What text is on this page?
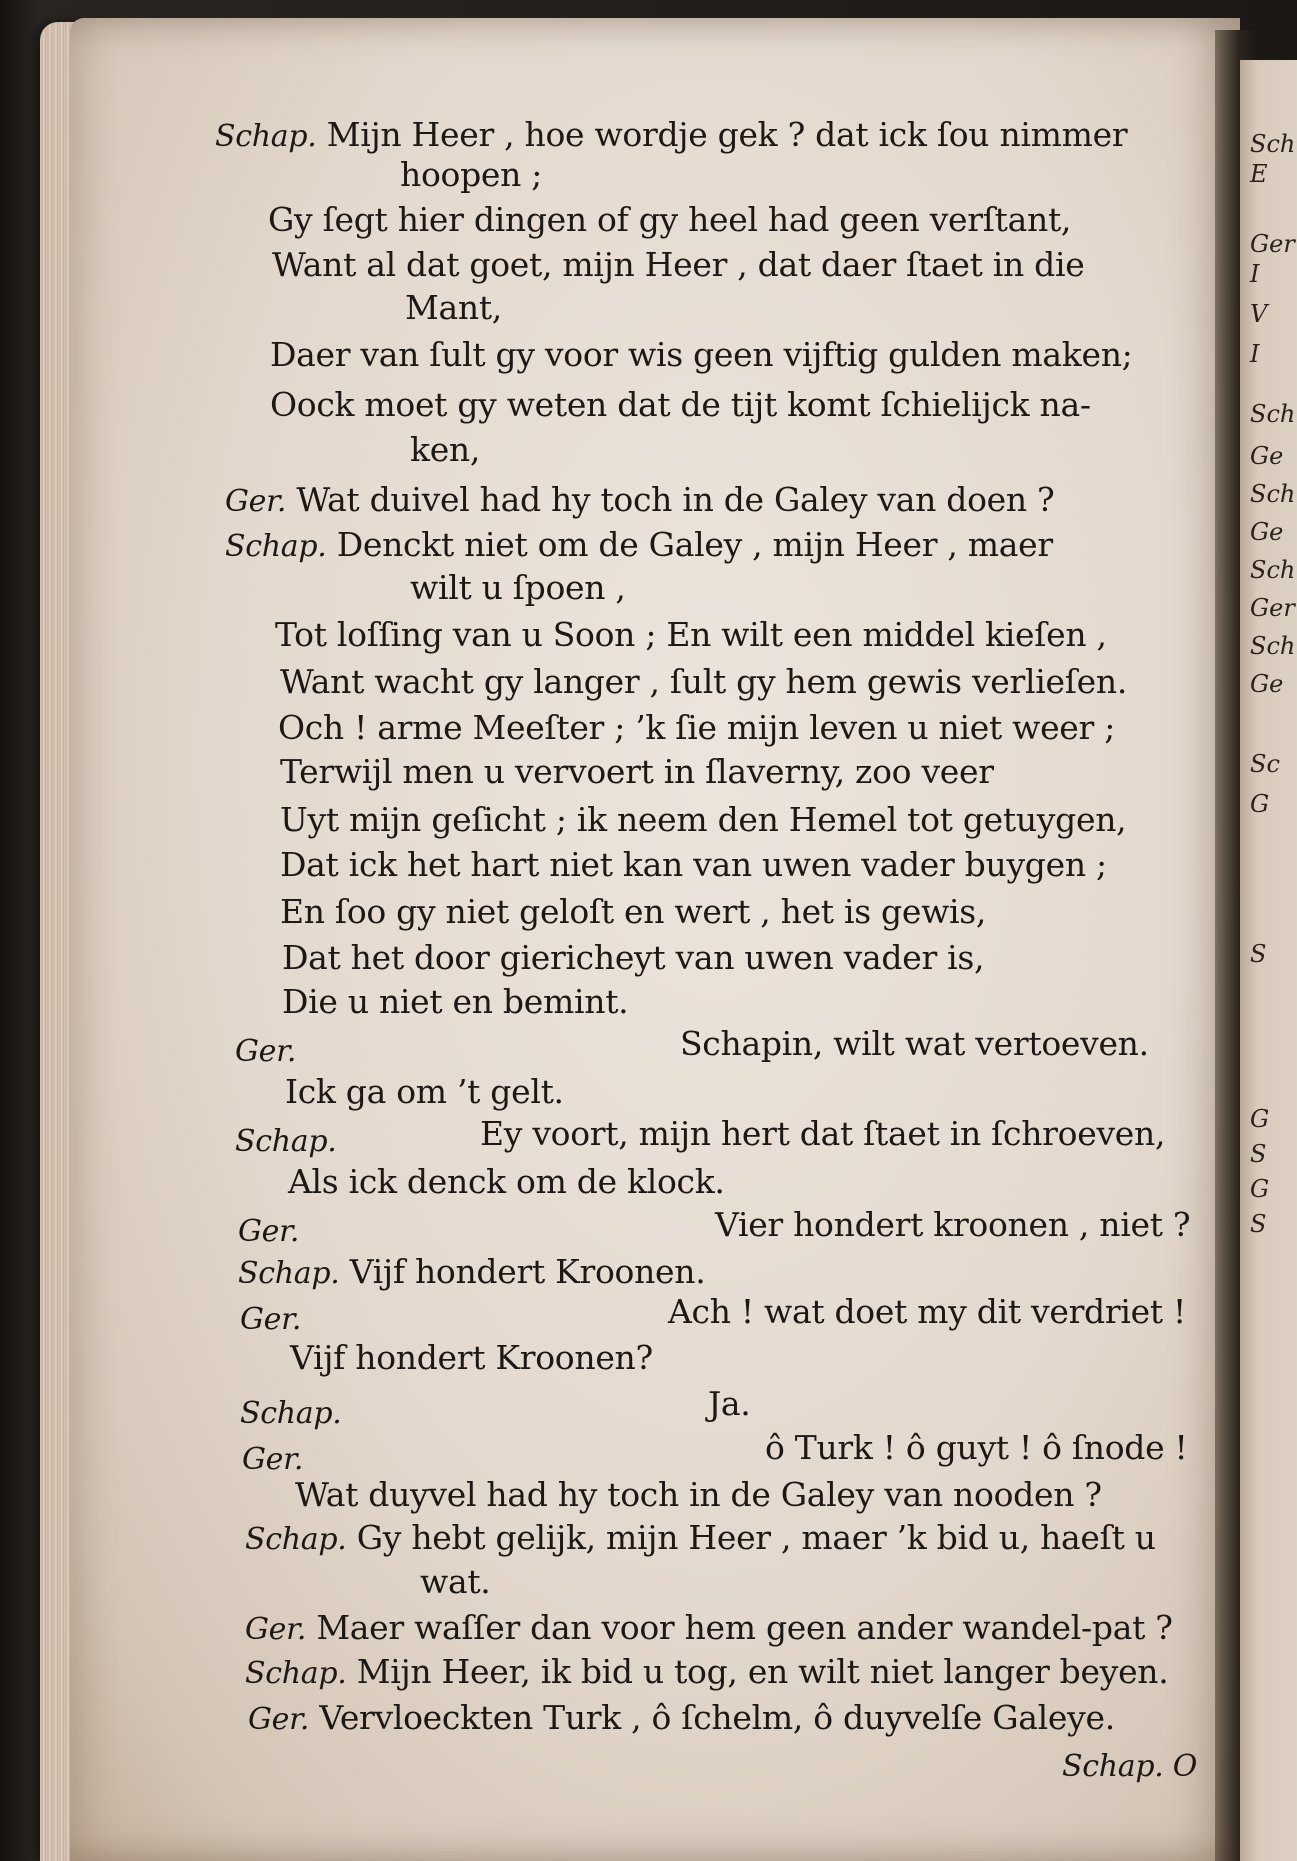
Sch
E
Ger
I
V
I
Sch
Ge
Sch
Ge
Sch
Ger
Sch
Ge
Sc
G
S
G
S
G
S
Schap. Mijn Heer , hoe wordje gek ? dat ick ſou nimmer
hoopen ;
Gy ſegt hier dingen of gy heel had geen verſtant,
Want al dat goet, mijn Heer , dat daer ſtaet in die
Mant,
Daer van ſult gy voor wis geen vijftig gulden maken;
Oock moet gy weten dat de tijt komt ſchielijck na-
ken,
Ger. Wat duivel had hy toch in de Galey van doen ?
Schap. Denckt niet om de Galey , mijn Heer , maer
wilt u ſpoen ,
Tot loſſing van u Soon ; En wilt een middel kieſen ,
Want wacht gy langer , ſult gy hem gewis verlieſen.
Och ! arme Meeſter ; ’k ſie mijn leven u niet weer ;
Terwijl men u vervoert in ſlaverny, zoo veer
Uyt mijn geſicht ; ik neem den Hemel tot getuygen,
Dat ick het hart niet kan van uwen vader buygen ;
En ſoo gy niet geloſt en wert , het is gewis,
Dat het door giericheyt van uwen vader is,
Die u niet en bemint.
Ger.	Schapin, wilt wat vertoeven.
Ick ga om ’t gelt.
Schap.	Ey voort, mijn hert dat ſtaet in ſchroeven,
Als ick denck om de klock.
Ger.	Vier hondert kroonen , niet ?
Schap. Vijf hondert Kroonen.
Ger.	Ach ! wat doet my dit verdriet !
Vijf hondert Kroonen?
Schap.	Ja.
Ger.	ô Turk ! ô guyt ! ô ſnode !
Wat duyvel had hy toch in de Galey van nooden ?
Schap. Gy hebt gelijk, mijn Heer , maer ’k bid u, haeſt u
wat.
Ger. Maer waſſer dan voor hem geen ander wandel-pat ?
Schap. Mijn Heer, ik bid u tog, en wilt niet langer beyen.
Ger. Vervloeckten Turk , ô ſchelm, ô duyvelſe Galeye.
Schap. O
